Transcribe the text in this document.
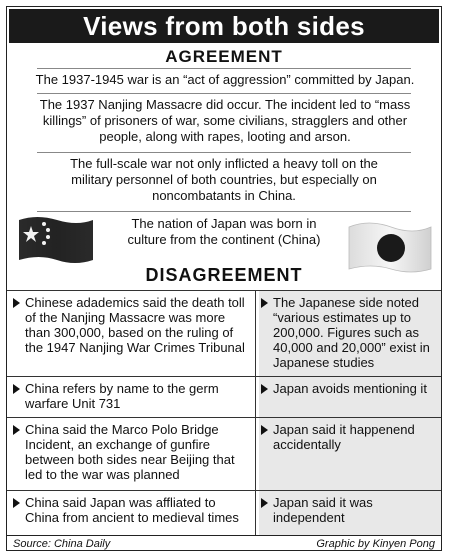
Views from both sides
AGREEMENT
The 1937-1945 war is an “act of aggression” committed by Japan.
The 1937 Nanjing Massacre did occur. The incident led to “mass killings” of prisoners of war, some civilians, stragglers and other people, along with rapes, looting and arson.
The full-scale war not only inflicted a heavy toll on the military personnel of both countries, but especially on noncombatants in China.
The nation of Japan was born in culture from the continent (China)
DISAGREEMENT
Chinese adademics said the death toll of the Nanjing Massacre was more than 300,000, based on the ruling of the 1947 Nanjing War Crimes Tribunal
The Japanese side noted “various estimates up to 200,000. Figures such as 40,000 and 20,000” exist in Japanese studies
China refers by name to the germ warfare Unit 731
Japan avoids mentioning it
China said the Marco Polo Bridge Incident, an exchange of gunfire between both sides near Beijing that led to the war was planned
Japan said it happenend accidentally
China said Japan was affliated to China from ancient to medieval times
Japan said it was independent
Source: China Daily	Graphic by Kinyen Pong
